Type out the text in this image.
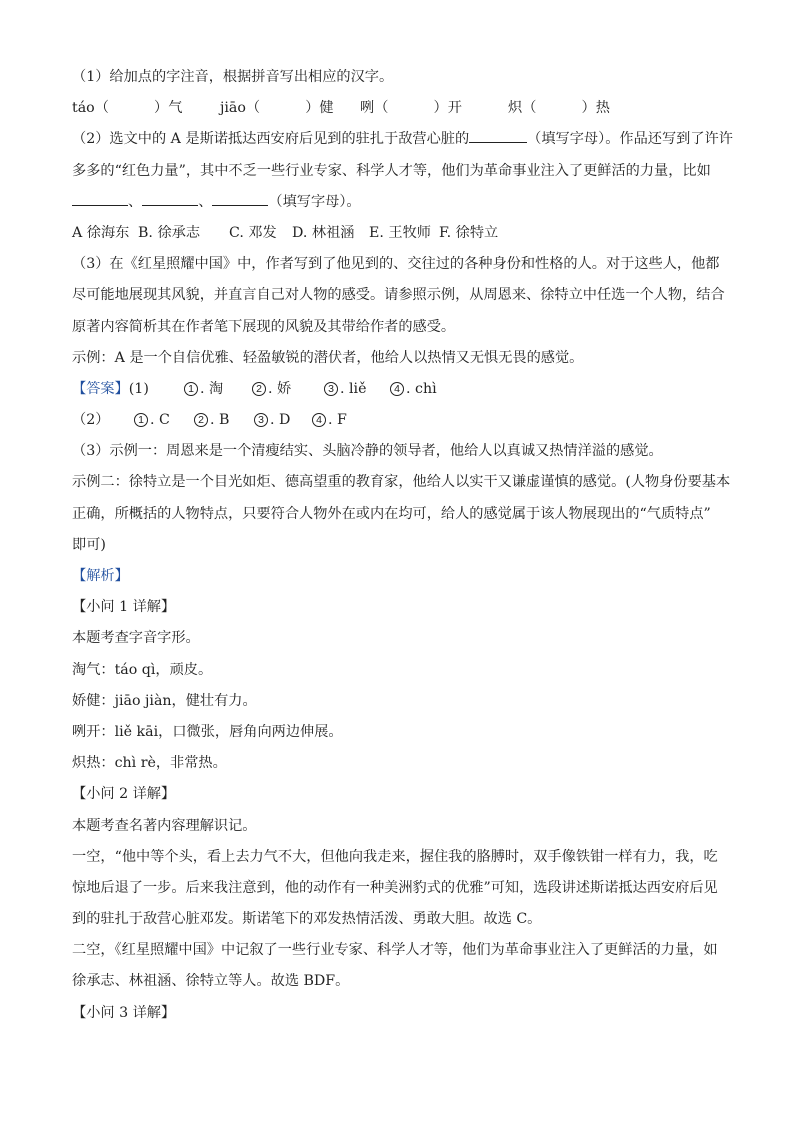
（1）给加点的字注音，根据拼音写出相应的汉字。
táo（	）气	jiāo（	）健 咧（	）开	炽（	）热
（2）选文中的 A 是斯诺抵达西安府后见到的驻扎于敌营心脏的	（填写字母）。作品还写到了许许
多多的“红色力量”，其中不乏一些行业专家、科学人才等，他们为革命事业注入了更鲜活的力量，比如
、	、	（填写字母）。
A 徐海东 B. 徐承志 C. 邓发 D. 林祖涵 E. 王牧师 F. 徐特立
（3）在《红星照耀中国》中，作者写到了他见到的、交往过的各种身份和性格的人。对于这些人，他都
尽可能地展现其风貌，并直言自己对人物的感受。请参照示例，从周恩来、徐特立中任选一个人物，结合
原著内容简析其在作者笔下展现的风貌及其带给作者的感受。
示例：A 是一个自信优雅、轻盈敏锐的潜伏者，他给人以热情又无惧无畏的感觉。
【答案】(1)	1 . 淘	2 . 娇	3 . liě	4 . chì
（2）	1 . C	2 . B	3 . D	4 . F
（3）示例一：周恩来是一个清瘦结实、头脑冷静的领导者，他给人以真诚又热情洋溢的感觉。
示例二：徐特立是一个目光如炬、德高望重的教育家，他给人以实干又谦虚谨慎的感觉。(人物身份要基本
正确，所概括的人物特点，只要符合人物外在或内在均可，给人的感觉属于该人物展现出的“气质特点”
即可)
【解析】
【小问 1 详解】
本题考查字音字形。
淘气：táo qì，顽皮。
娇健：jiāo jiàn，健壮有力。
咧开：liě kāi，口微张，唇角向两边伸展。
炽热：chì rè，非常热。
【小问 2 详解】
本题考查名著内容理解识记。
一空，“他中等个头，看上去力气不大，但他向我走来，握住我的胳膊时，双手像铁钳一样有力，我，吃
惊地后退了一步。后来我注意到，他的动作有一种美洲豹式的优雅”可知，选段讲述斯诺抵达西安府后见
到的驻扎于敌营心脏邓发。斯诺笔下的邓发热情活泼、勇敢大胆。故选 C。
二空，《红星照耀中国》中记叙了一些行业专家、科学人才等，他们为革命事业注入了更鲜活的力量，如
徐承志、林祖涵、徐特立等人。故选 BDF。
【小问 3 详解】
